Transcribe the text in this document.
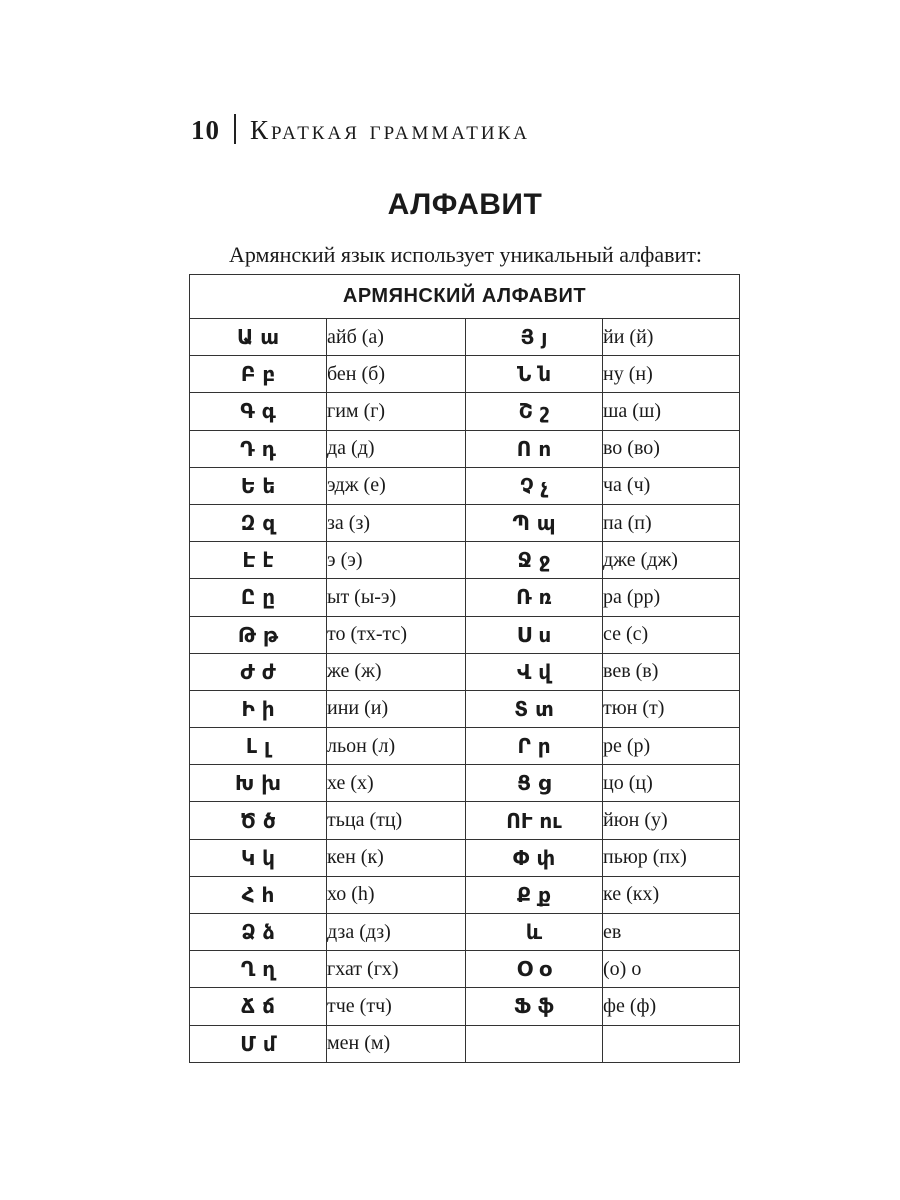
10 Краткая грамматика
АЛФАВИТ
Армянский язык использует уникальный алфавит:
АРМЯНСКИЙ АЛФАВИТ			
Ա ա	айб (а)	Յ յ	йи (й)
Բ բ	бен (б)	Ն ն	ну (н)
Գ գ	гим (г)	Շ շ	ша (ш)
Դ դ	да (д)	Ո ո	во (во)
Ե ե	эдж (е)	Չ չ	ча (ч)
Զ զ	за (з)	Պ պ	па (п)
Է է	э (э)	Ջ ջ	дже (дж)
Ը ը	ыт (ы-э)	Ռ ռ	ра (рр)
Թ թ	то (тх-тс)	Ս ս	се (с)
Ժ ժ	же (ж)	Վ վ	вев (в)
Ի ի	ини (и)	Տ տ	тюн (т)
Լ լ	льон (л)	Ր ր	ре (р)
Խ խ	хе (х)	Ց ց	цо (ц)
Ծ ծ	тьца (тц)	ՈՒ ու	йюн (у)
Կ կ	кен (к)	Փ փ	пьюр (пх)
Հ հ	хо (h)	Ք ք	ке (кх)
Ձ ձ	дза (дз)	և	ев
Ղ ղ	гхат (гх)	Օ օ	(о) о
Ճ ճ	тче (тч)	Ֆ ֆ	фе (ф)
Մ մ	мен (м)		
